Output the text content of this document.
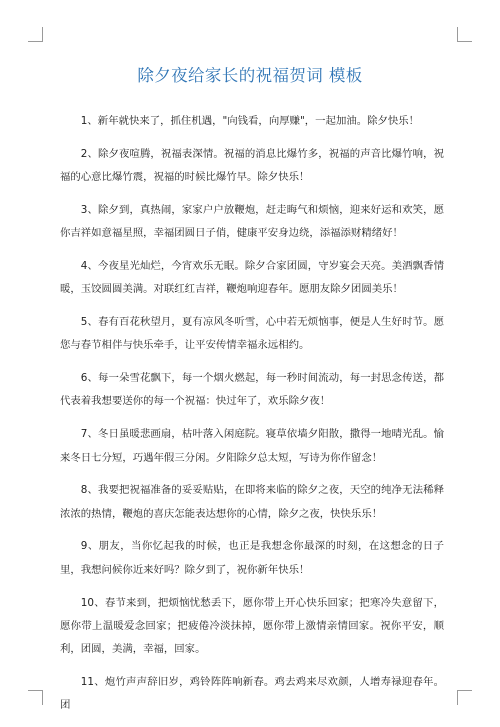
除夕夜给家长的祝福贺词 模板

1、新年就快来了，抓住机遇，"向钱看，向厚赚"，一起加油。除夕快乐！

2、除夕夜喧腾，祝福表深情。祝福的消息比爆竹多，祝福的声音比爆竹响，祝福的心意比爆竹震，祝福的时候比爆竹早。除夕快乐！

3、除夕到，真热闹，家家户户放鞭炮，赶走晦气和烦恼，迎来好运和欢笑，愿你吉祥如意福星照，幸福团圆日子俏，健康平安身边绕，添福添财精绪好！

4、今夜星光灿烂，今宵欢乐无眠。除夕合家团圆，守岁宴会天亮。美酒飘香情暖，玉饺圆圆美满。对联红红吉祥，鞭炮响迎春年。愿朋友除夕团圆美乐！

5、春有百花秋望月，夏有凉风冬听雪，心中若无烦恼事，便是人生好时节。愿您与春节相伴与快乐牵手，让平安传情幸福永远相约。

6、每一朵雪花飘下，每一个烟火燃起，每一秒时间流动，每一封思念传送，都代表着我想要送你的每一个祝福：快过年了，欢乐除夕夜！

7、冬日虽暖悲画扇，枯叶落入闲庭院。寝草依墙夕阳散，撒得一地晴光乱。愉来冬日七分短，巧遇年假三分闲。夕阳除夕总太短，写诗为你作留念！

8、我要把祝福准备的妥妥贴贴，在即将来临的除夕之夜，天空的纯净无法稀释浓浓的热情，鞭炮的喜庆怎能表达想你的心情，除夕之夜，快快乐乐！

9、朋友，当你忆起我的时候，也正是我想念你最深的时刻，在这想念的日子里，我想问候你近来好吗？除夕到了，祝你新年快乐！

10、春节来到，把烦恼忧愁丢下，愿你带上开心快乐回家；把寒冷失意留下，愿你带上温暖爱念回家；把疲倦冷淡抹掉，愿你带上激情亲情回家。祝你平安，顺利，团圆，美满，幸福，回家。

11、炮竹声声辞旧岁，鸡铃阵阵响新春。鸡去鸡来尽欢颜，人增寿禄迎春年。团
